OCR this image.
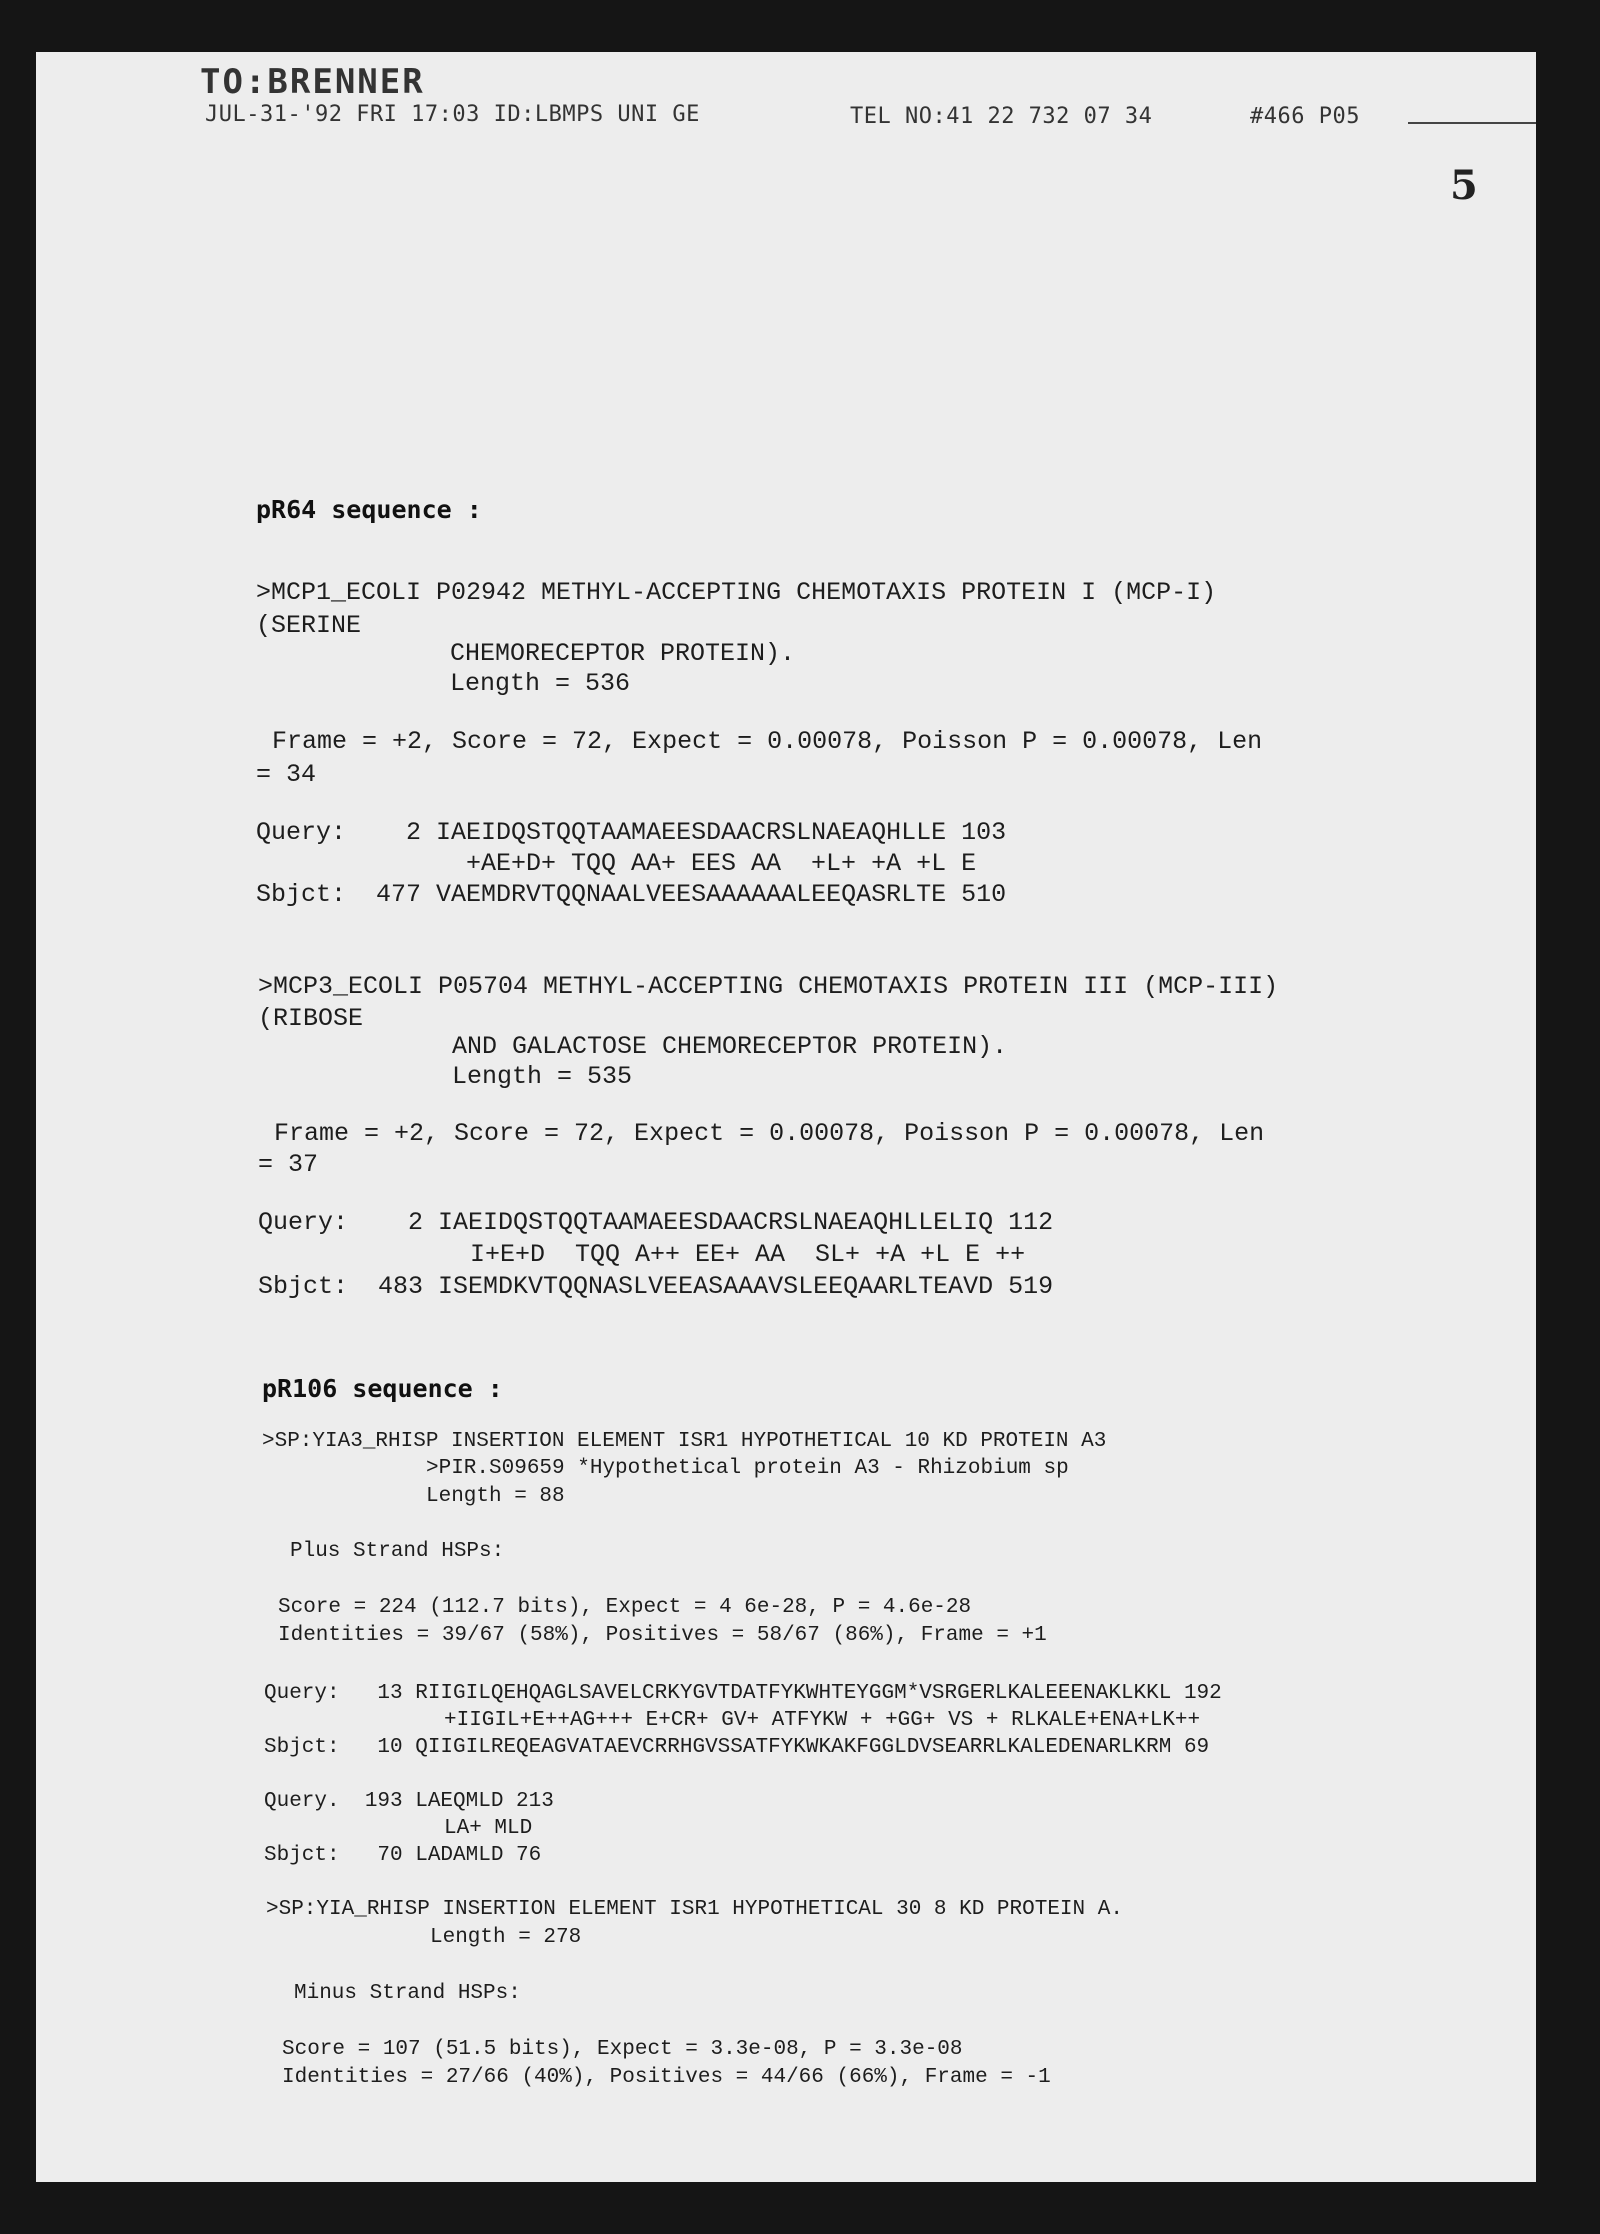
TO:BRENNER
JUL-31-'92 FRI 17:03 ID:LBMPS UNI GE	TEL NO:41 22 732 07 34	#466 P05
5
pR64 sequence :
>MCP1_ECOLI P02942 METHYL-ACCEPTING CHEMOTAXIS PROTEIN I (MCP-I)
(SERINE
CHEMORECEPTOR PROTEIN).
Length = 536
Frame = +2, Score = 72, Expect = 0.00078, Poisson P = 0.00078, Len
= 34
Query:    2 IAEIDQSTQQTAAMAEESDAACRSLNAEAQHLLE 103
+AE+D+ TQQ AA+ EES AA  +L+ +A +L E
Sbjct:  477 VAEMDRVTQQNAALVEESAAAAAALEEQASRLTE 510
>MCP3_ECOLI P05704 METHYL-ACCEPTING CHEMOTAXIS PROTEIN III (MCP-III)
(RIBOSE
AND GALACTOSE CHEMORECEPTOR PROTEIN).
Length = 535
Frame = +2, Score = 72, Expect = 0.00078, Poisson P = 0.00078, Len
= 37
Query:    2 IAEIDQSTQQTAAMAEESDAACRSLNAEAQHLLELIQ 112
I+E+D  TQQ A++ EE+ AA  SL+ +A +L E ++
Sbjct:  483 ISEMDKVTQQNASLVEEASAAAVSLEEQAARLTEAVD 519
pR106 sequence :
>SP:YIA3_RHISP INSERTION ELEMENT ISR1 HYPOTHETICAL 10 KD PROTEIN A3
>PIR.S09659 *Hypothetical protein A3 - Rhizobium sp
Length = 88
Plus Strand HSPs:
Score = 224 (112.7 bits), Expect = 4 6e-28, P = 4.6e-28
Identities = 39/67 (58%), Positives = 58/67 (86%), Frame = +1
Query:   13 RIIGILQEHQAGLSAVELCRKYGVTDATFYKWHTEYGGM*VSRGERLKALEEENAKLKKL 192
+IIGIL+E++AG+++ E+CR+ GV+ ATFYKW + +GG+ VS + RLKALE+ENA+LK++
Sbjct:   10 QIIGILREQEAGVATAEVCRRHGVSSATFYKWKAKFGGLDVSEARRLKALEDENARLKRM 69
Query.  193 LAEQMLD 213
LA+ MLD
Sbjct:   70 LADAMLD 76
>SP:YIA_RHISP INSERTION ELEMENT ISR1 HYPOTHETICAL 30 8 KD PROTEIN A.
Length = 278
Minus Strand HSPs:
Score = 107 (51.5 bits), Expect = 3.3e-08, P = 3.3e-08
Identities = 27/66 (40%), Positives = 44/66 (66%), Frame = -1
